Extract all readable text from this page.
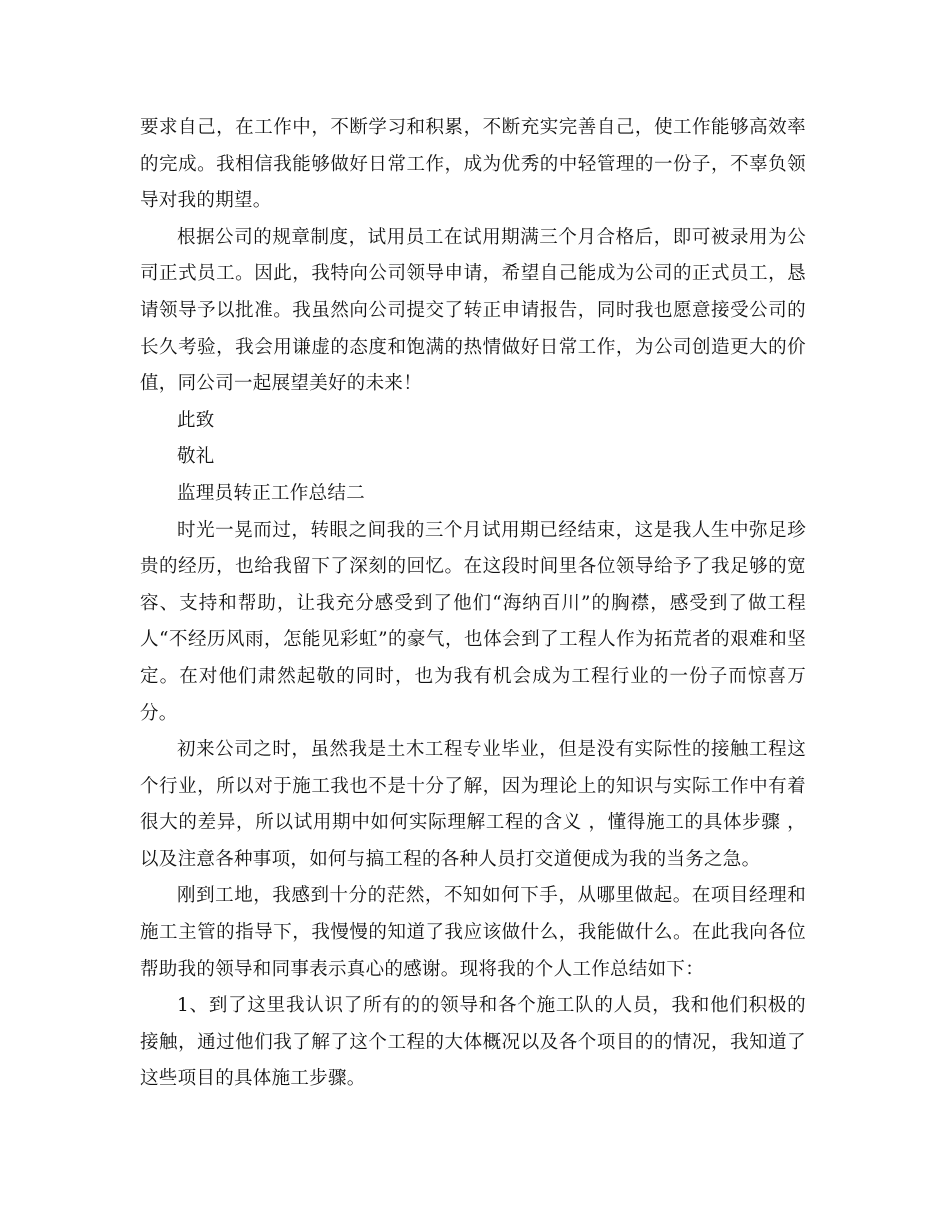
要求自己，在工作中，不断学习和积累，不断充实完善自己，使工作能够高效率的完成。我相信我能够做好日常工作，成为优秀的中轻管理的一份子，不辜负领导对我的期望。

根据公司的规章制度，试用员工在试用期满三个月合格后，即可被录用为公司正式员工。因此，我特向公司领导申请，希望自己能成为公司的正式员工，恳请领导予以批准。我虽然向公司提交了转正申请报告，同时我也愿意接受公司的长久考验，我会用谦虚的态度和饱满的热情做好日常工作，为公司创造更大的价值，同公司一起展望美好的未来！

此致

敬礼

监理员转正工作总结二

时光一晃而过，转眼之间我的三个月试用期已经结束，这是我人生中弥足珍贵的经历，也给我留下了深刻的回忆。在这段时间里各位领导给予了我足够的宽容、支持和帮助，让我充分感受到了他们“海纳百川”的胸襟，感受到了做工程人“不经历风雨，怎能见彩虹”的豪气，也体会到了工程人作为拓荒者的艰难和坚定。在对他们肃然起敬的同时，也为我有机会成为工程行业的一份子而惊喜万分。

初来公司之时，虽然我是土木工程专业毕业，但是没有实际性的接触工程这个行业，所以对于施工我也不是十分了解，因为理论上的知识与实际工作中有着很大的差异，所以试用期中如何实际理解工程的含义 ，懂得施工的具体步骤 ，以及注意各种事项，如何与搞工程的各种人员打交道便成为我的当务之急。

刚到工地，我感到十分的茫然，不知如何下手，从哪里做起。在项目经理和施工主管的指导下，我慢慢的知道了我应该做什么，我能做什么。在此我向各位帮助我的领导和同事表示真心的感谢。现将我的个人工作总结如下：

1、到了这里我认识了所有的的领导和各个施工队的人员，我和他们积极的接触，通过他们我了解了这个工程的大体概况以及各个项目的的情况，我知道了这些项目的具体施工步骤。
